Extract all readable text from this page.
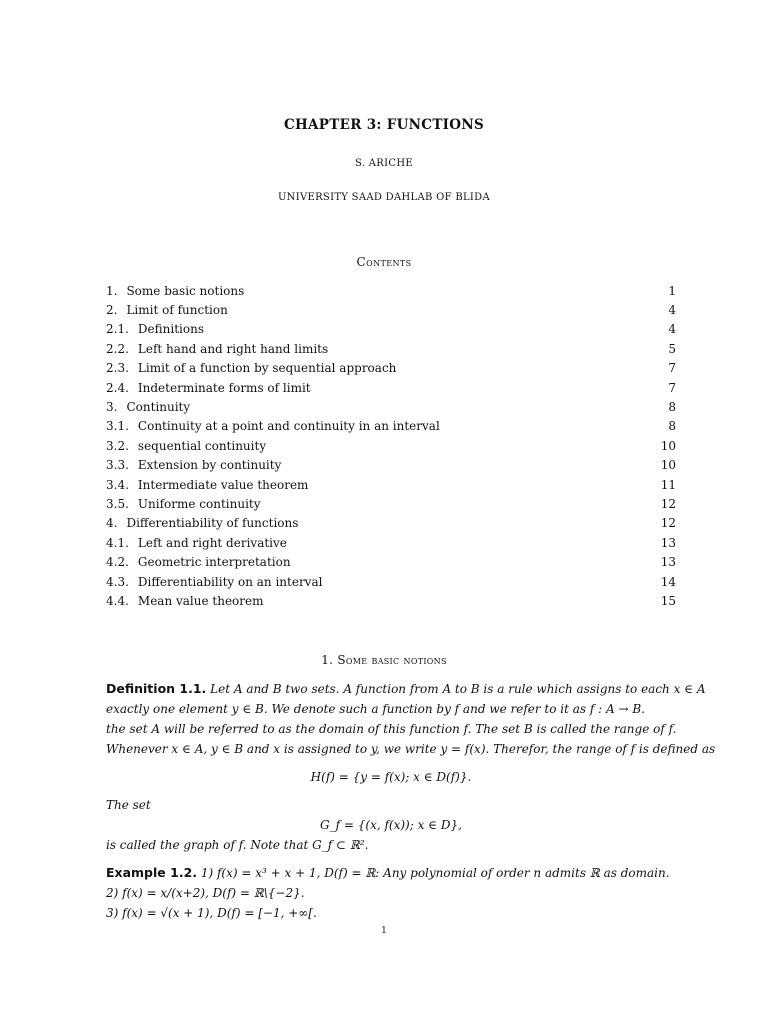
CHAPTER 3: FUNCTIONS
S. ARICHE
UNIVERSITY SAAD DAHLAB OF BLIDA
Contents
1. Some basic notions	1
2. Limit of function	4
2.1. Definitions	4
2.2. Left hand and right hand limits	5
2.3. Limit of a function by sequential approach	7
2.4. Indeterminate forms of limit	7
3. Continuity	8
3.1. Continuity at a point and continuity in an interval	8
3.2. sequential continuity	10
3.3. Extension by continuity	10
3.4. Intermediate value theorem	11
3.5. Uniforme continuity	12
4. Differentiability of functions	12
4.1. Left and right derivative	13
4.2. Geometric interpretation	13
4.3. Differentiability on an interval	14
4.4. Mean value theorem	15
1. Some basic notions
Definition 1.1. Let A and B two sets. A function from A to B is a rule which assigns to each x ∈ A
exactly one element y ∈ B. We denote such a function by f and we refer to it as f : A → B.
the set A will be referred to as the domain of this function f. The set B is called the range of f.
Whenever x ∈ A, y ∈ B and x is assigned to y, we write y = f(x). Therefor, the range of f is defined as
H(f) = {y = f(x); x ∈ D(f)}.
The set
G_f = {(x, f(x)); x ∈ D},
is called the graph of f. Note that G_f ⊂ ℝ².
Example 1.2. 1) f(x) = x³ + x + 1, D(f) = ℝ: Any polynomial of order n admits ℝ as domain.
2) f(x) = x/(x+2), D(f) = ℝ\{−2}.
3) f(x) = √(x + 1), D(f) = [−1, +∞[.
1
